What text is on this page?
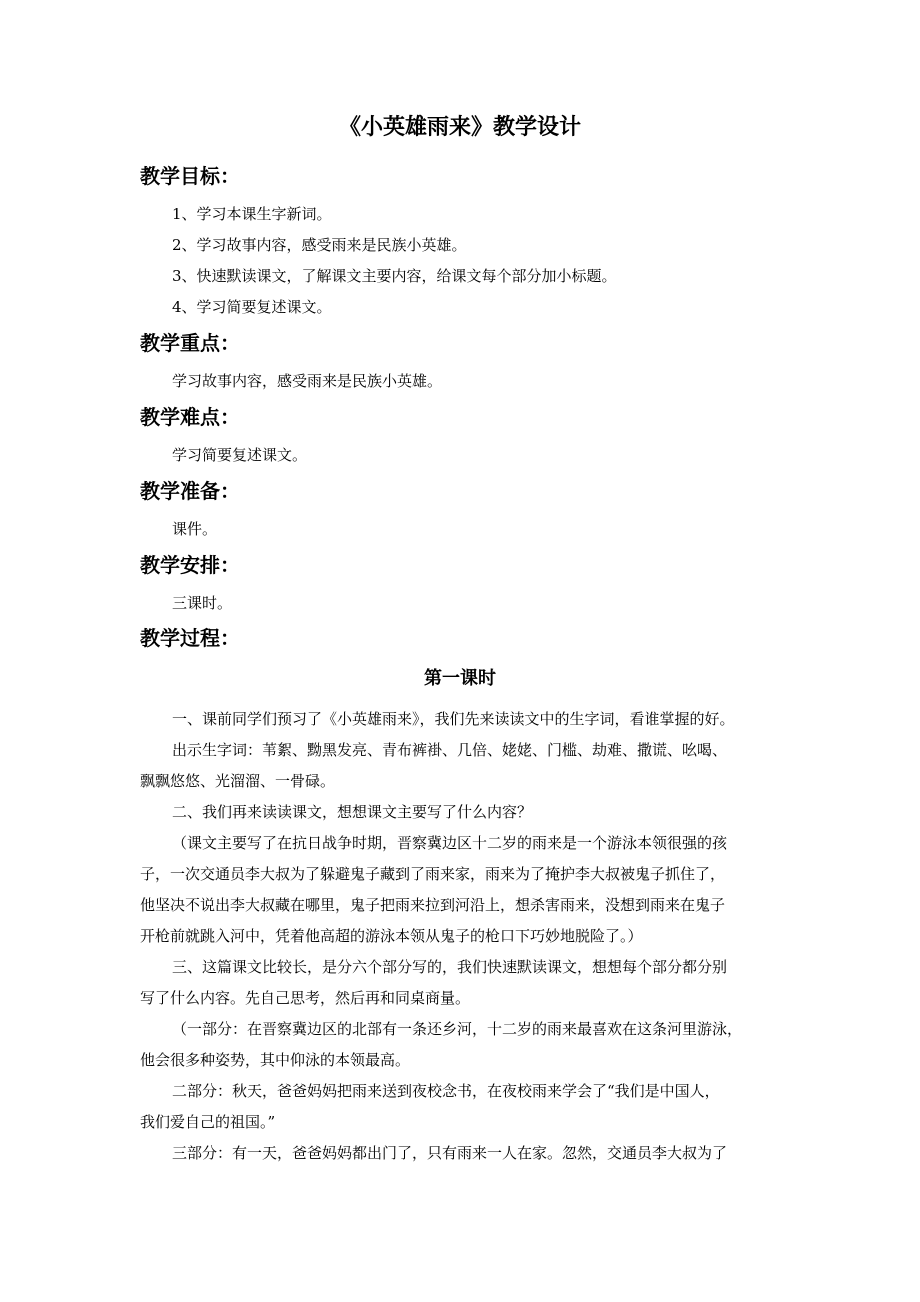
《小英雄雨来》教学设计
教学目标：
1、学习本课生字新词。
2、学习故事内容，感受雨来是民族小英雄。
3、快速默读课文，了解课文主要内容，给课文每个部分加小标题。
4、学习简要复述课文。
教学重点：
学习故事内容，感受雨来是民族小英雄。
教学难点：
学习简要复述课文。
教学准备：
课件。
教学安排：
三课时。
教学过程：
第一课时
一、课前同学们预习了《小英雄雨来》，我们先来读读文中的生字词，看谁掌握的好。
出示生字词：苇絮、黝黑发亮、青布裤褂、几倍、姥姥、门槛、劫难、撒谎、吆喝、
飘飘悠悠、光溜溜、一骨碌。
二、我们再来读读课文，想想课文主要写了什么内容？
（课文主要写了在抗日战争时期，晋察冀边区十二岁的雨来是一个游泳本领很强的孩
子，一次交通员李大叔为了躲避鬼子藏到了雨来家，雨来为了掩护李大叔被鬼子抓住了，
他坚决不说出李大叔藏在哪里，鬼子把雨来拉到河沿上，想杀害雨来，没想到雨来在鬼子
开枪前就跳入河中，凭着他高超的游泳本领从鬼子的枪口下巧妙地脱险了。）
三、这篇课文比较长，是分六个部分写的，我们快速默读课文，想想每个部分都分别
写了什么内容。先自己思考，然后再和同桌商量。
（一部分：在晋察冀边区的北部有一条还乡河，十二岁的雨来最喜欢在这条河里游泳，
他会很多种姿势，其中仰泳的本领最高。
二部分：秋天，爸爸妈妈把雨来送到夜校念书，在夜校雨来学会了“我们是中国人，
我们爱自己的祖国。”
三部分：有一天，爸爸妈妈都出门了，只有雨来一人在家。忽然，交通员李大叔为了
